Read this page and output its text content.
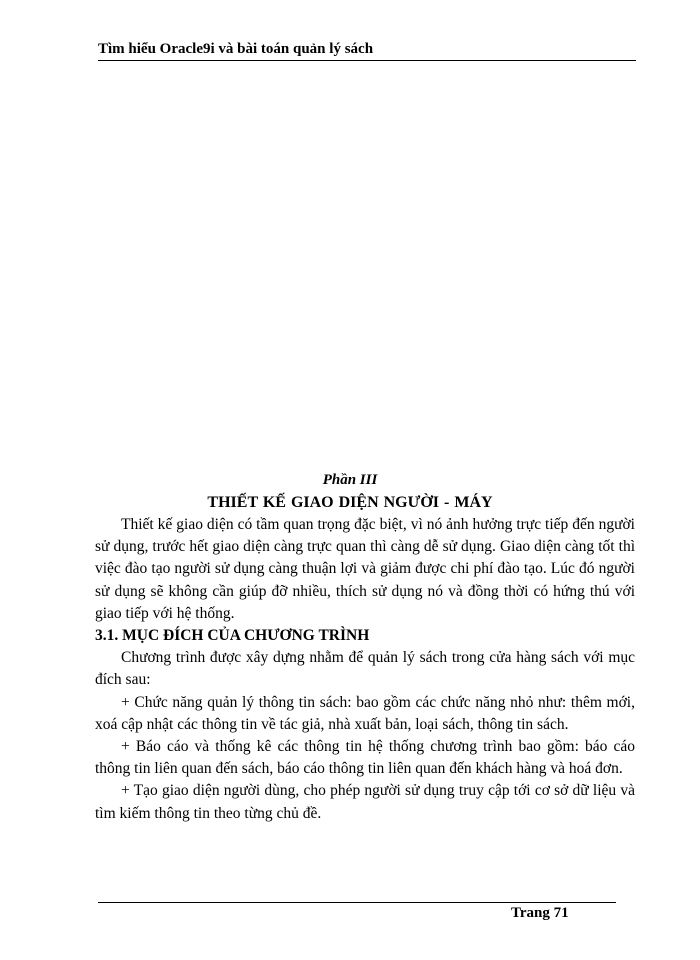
Tìm hiểu Oracle9i và bài toán quản lý sách
Phần III
THIẾT KẾ GIAO DIỆN NGƯỜI - MÁY

Thiết kế giao diện có tầm quan trọng đặc biệt, vì nó ảnh hưởng trực tiếp đến người sử dụng, trước hết giao diện càng trực quan thì càng dễ sử dụng. Giao diện càng tốt thì việc đào tạo người sử dụng càng thuận lợi và giảm được chi phí đào tạo. Lúc đó người sử dụng sẽ không cần giúp đỡ nhiều, thích sử dụng nó và đồng thời có hứng thú với giao tiếp với hệ thống.

3.1. MỤC ĐÍCH CỦA CHƯƠNG TRÌNH

Chương trình được xây dựng nhằm để quản lý sách trong cửa hàng sách với mục đích sau:

+ Chức năng quản lý thông tin sách: bao gồm các chức năng nhỏ như: thêm mới, xoá cập nhật các thông tin về tác giả, nhà xuất bản, loại sách, thông tin sách.

+ Báo cáo và thống kê các thông tin hệ thống chương trình bao gồm: báo cáo thông tin liên quan đến sách, báo cáo thông tin liên quan đến khách hàng và hoá đơn.

+ Tạo giao diện người dùng, cho phép người sử dụng truy cập tới cơ sở dữ liệu và tìm kiếm thông tin theo từng chủ đề.

Trang 71
